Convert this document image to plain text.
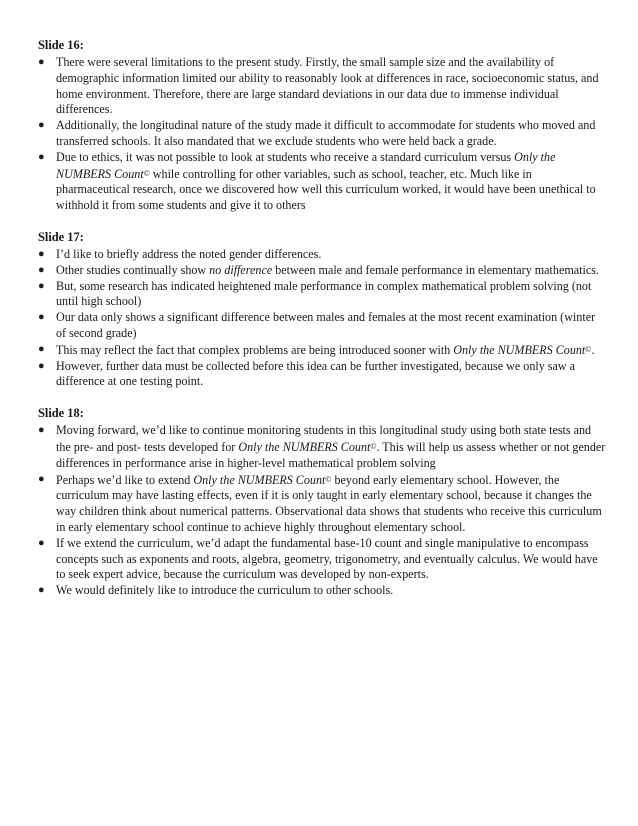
Slide 16:
● There were several limitations to the present study. Firstly, the small sample size and the availability of demographic information limited our ability to reasonably look at differences in race, socioeconomic status, and home environment. Therefore, there are large standard deviations in our data due to immense individual differences.
● Additionally, the longitudinal nature of the study made it difficult to accommodate for students who moved and transferred schools. It also mandated that we exclude students who were held back a grade.
● Due to ethics, it was not possible to look at students who receive a standard curriculum versus Only the NUMBERS Count© while controlling for other variables, such as school, teacher, etc. Much like in pharmaceutical research, once we discovered how well this curriculum worked, it would have been unethical to withhold it from some students and give it to others
Slide 17:
● I’d like to briefly address the noted gender differences.
● Other studies continually show no difference between male and female performance in elementary mathematics.
● But, some research has indicated heightened male performance in complex mathematical problem solving (not until high school)
● Our data only shows a significant difference between males and females at the most recent examination (winter of second grade)
● This may reflect the fact that complex problems are being introduced sooner with Only the NUMBERS Count©.
● However, further data must be collected before this idea can be further investigated, because we only saw a difference at one testing point.
Slide 18:
● Moving forward, we’d like to continue monitoring students in this longitudinal study using both state tests and the pre- and post- tests developed for Only the NUMBERS Count©. This will help us assess whether or not gender differences in performance arise in higher-level mathematical problem solving
● Perhaps we’d like to extend Only the NUMBERS Count© beyond early elementary school. However, the curriculum may have lasting effects, even if it is only taught in early elementary school, because it changes the way children think about numerical patterns. Observational data shows that students who receive this curriculum in early elementary school continue to achieve highly throughout elementary school.
● If we extend the curriculum, we’d adapt the fundamental base-10 count and single manipulative to encompass concepts such as exponents and roots, algebra, geometry, trigonometry, and eventually calculus. We would have to seek expert advice, because the curriculum was developed by non-experts.
● We would definitely like to introduce the curriculum to other schools.
